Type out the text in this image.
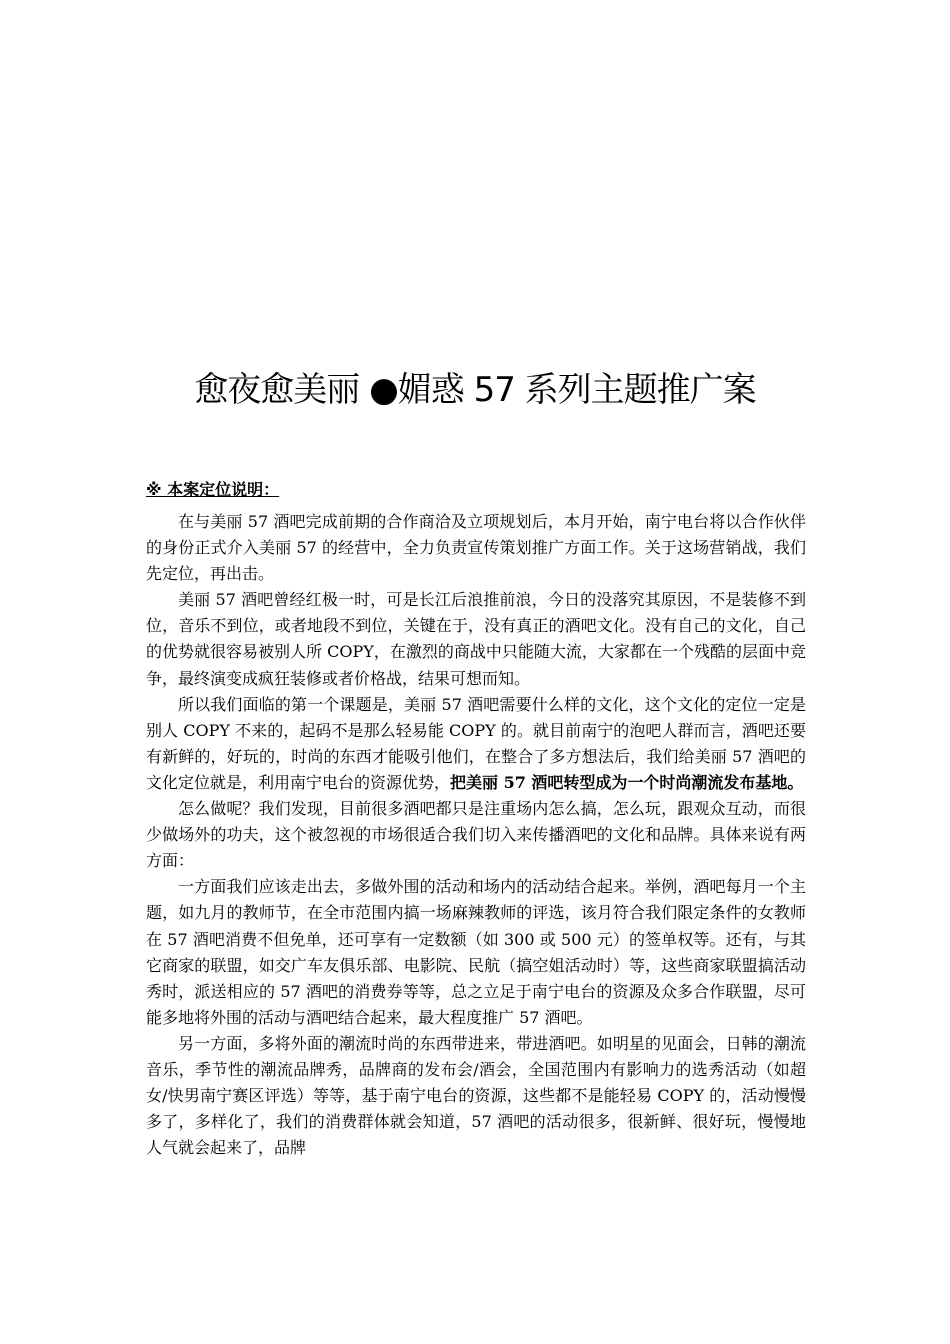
愈夜愈美丽 ●媚惑 57 系列主题推广案
※ 本案定位说明：

在与美丽 57 酒吧完成前期的合作商洽及立项规划后，本月开始，南宁电台将以合作伙伴的身份正式介入美丽 57 的经营中，全力负责宣传策划推广方面工作。关于这场营销战，我们先定位，再出击。

美丽 57 酒吧曾经红极一时，可是长江后浪推前浪，今日的没落究其原因，不是装修不到位，音乐不到位，或者地段不到位，关键在于，没有真正的酒吧文化。没有自己的文化，自己的优势就很容易被别人所 COPY，在激烈的商战中只能随大流，大家都在一个残酷的层面中竞争，最终演变成疯狂装修或者价格战，结果可想而知。

所以我们面临的第一个课题是，美丽 57 酒吧需要什么样的文化，这个文化的定位一定是别人 COPY 不来的，起码不是那么轻易能 COPY 的。就目前南宁的泡吧人群而言，酒吧还要有新鲜的，好玩的，时尚的东西才能吸引他们，在整合了多方想法后，我们给美丽 57 酒吧的文化定位就是，利用南宁电台的资源优势，把美丽 57 酒吧转型成为一个时尚潮流发布基地。

怎么做呢？我们发现，目前很多酒吧都只是注重场内怎么搞，怎么玩，跟观众互动，而很少做场外的功夫，这个被忽视的市场很适合我们切入来传播酒吧的文化和品牌。具体来说有两方面：

一方面我们应该走出去，多做外围的活动和场内的活动结合起来。举例，酒吧每月一个主题，如九月的教师节，在全市范围内搞一场麻辣教师的评选，该月符合我们限定条件的女教师在 57 酒吧消费不但免单，还可享有一定数额（如 300 或 500 元）的签单权等。还有，与其它商家的联盟，如交广车友俱乐部、电影院、民航（搞空姐活动时）等，这些商家联盟搞活动秀时，派送相应的 57 酒吧的消费券等等，总之立足于南宁电台的资源及众多合作联盟，尽可能多地将外围的活动与酒吧结合起来，最大程度推广 57 酒吧。

另一方面，多将外面的潮流时尚的东西带进来，带进酒吧。如明星的见面会，日韩的潮流音乐，季节性的潮流品牌秀，品牌商的发布会/酒会，全国范围内有影响力的选秀活动（如超女/快男南宁赛区评选）等等，基于南宁电台的资源，这些都不是能轻易 COPY 的，活动慢慢多了，多样化了，我们的消费群体就会知道，57 酒吧的活动很多，很新鲜、很好玩，慢慢地人气就会起来了，品牌
